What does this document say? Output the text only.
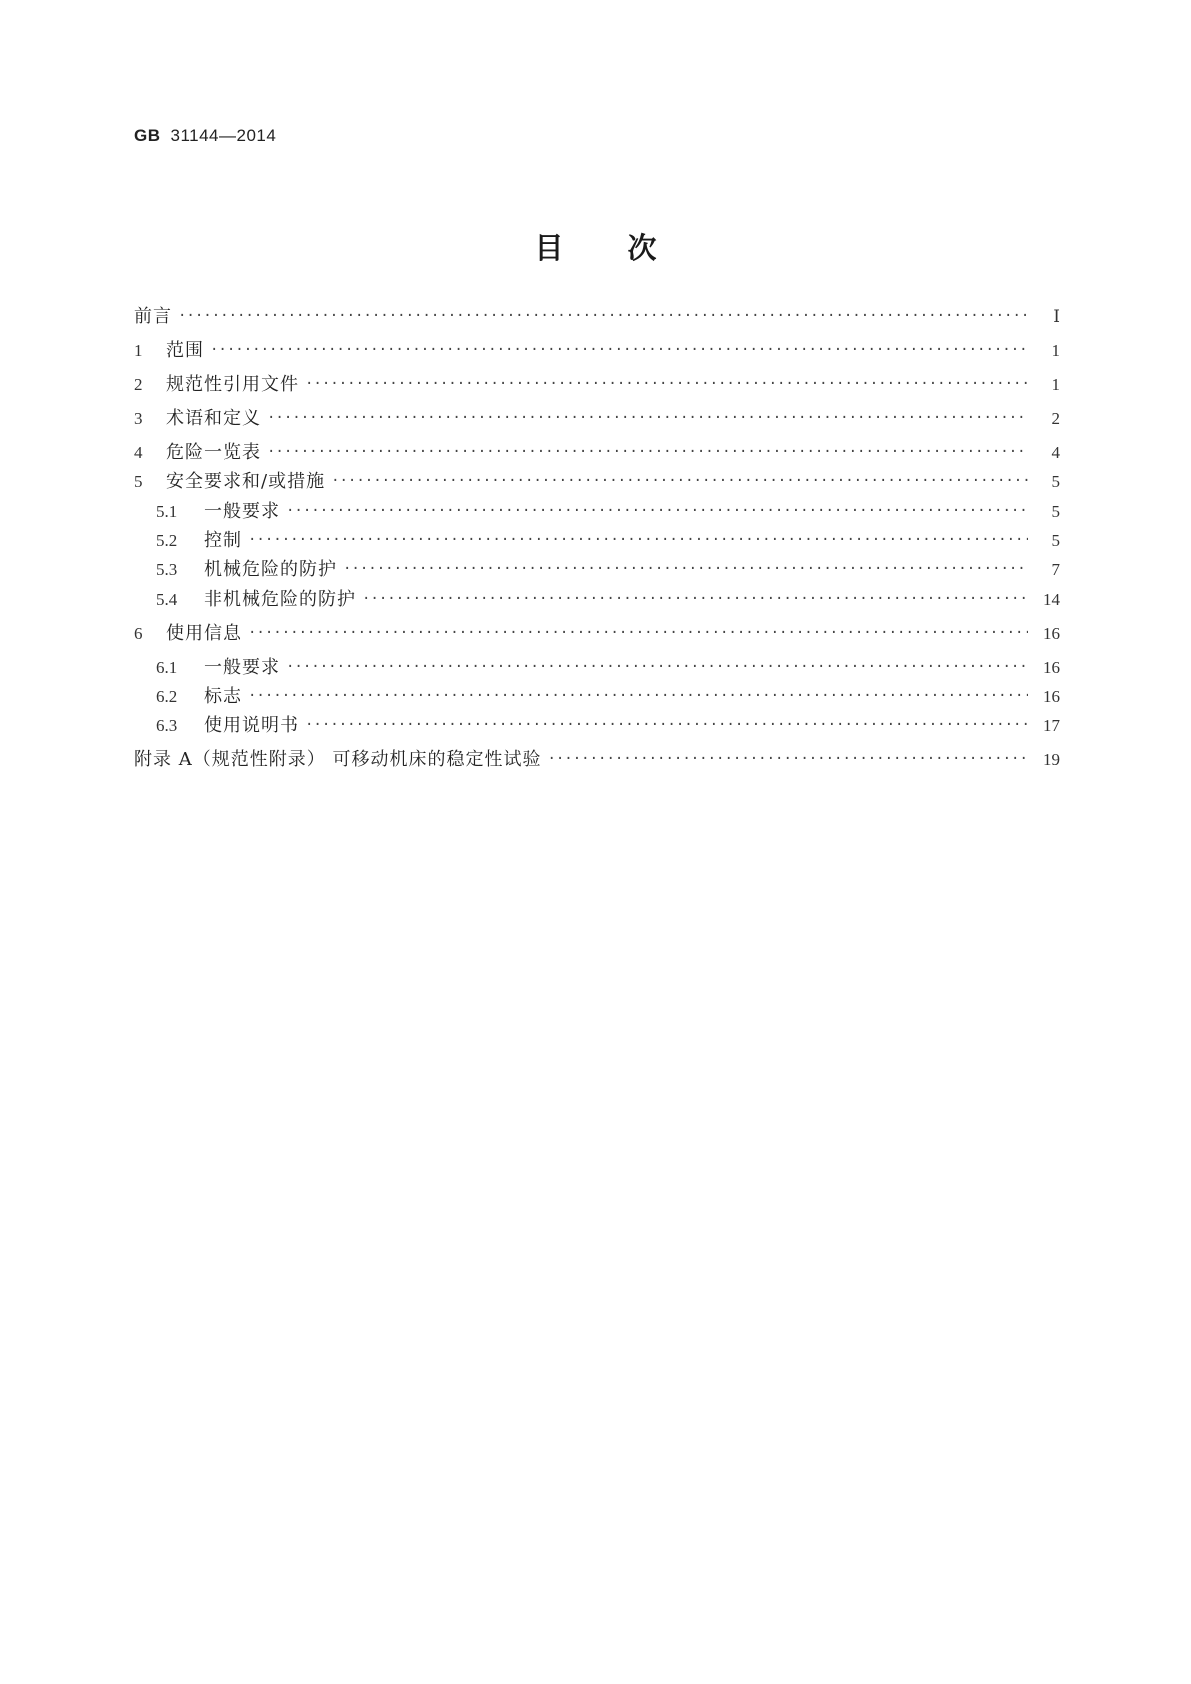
GB 31144—2014
目次
前言 ·····	Ⅰ
1	范围 ·····	1
2	规范性引用文件 ·····	1
3	术语和定义 ·····	2
4	危险一览表 ·····	4
5	安全要求和/或措施 ·····	5
5.1	一般要求 ·····	5
5.2	控制 ·····	5
5.3	机械危险的防护 ·····	7
5.4	非机械危险的防护 ·····	14
6	使用信息 ·····	16
6.1	一般要求 ·····	16
6.2	标志 ·····	16
6.3	使用说明书 ·····	17
附录 A（规范性附录） 可移动机床的稳定性试验 ·····	19
